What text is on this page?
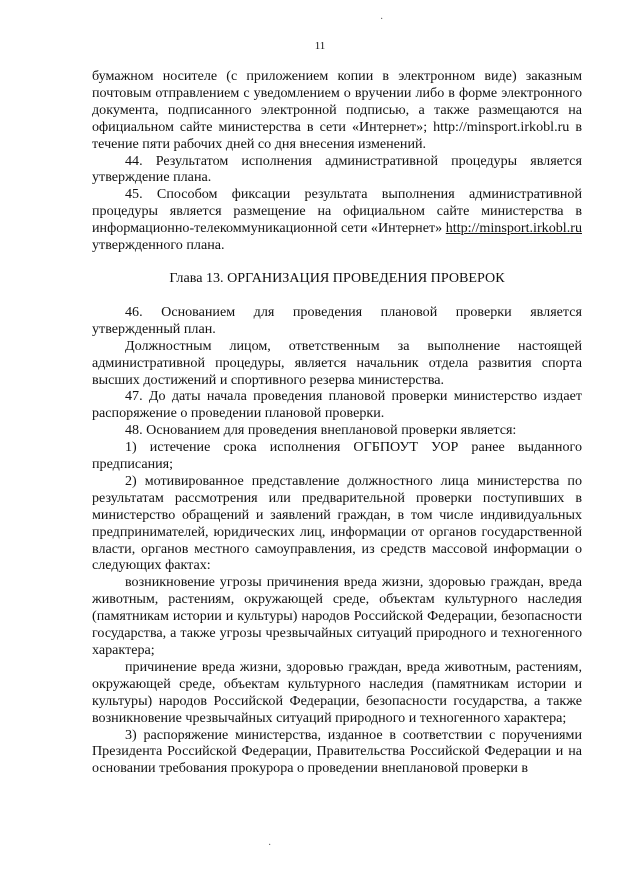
·
11

бумажном носителе (с приложением копии в электронном виде) заказным почтовым отправлением с уведомлением о вручении либо в форме электронного документа, подписанного электронной подписью, а также размещаются на официальном сайте министерства в сети «Интернет»; http://minsport.irkobl.ru в течение пяти рабочих дней со дня внесения изменений.

44. Результатом исполнения административной процедуры является утверждение плана.

45. Способом фиксации результата выполнения административной процедуры является размещение на официальном сайте министерства в информационно-телекоммуникационной сети «Интернет» http://minsport.irkobl.ru утвержденного плана.

Глава 13. ОРГАНИЗАЦИЯ ПРОВЕДЕНИЯ ПРОВЕРОК

46. Основанием для проведения плановой проверки является утвержденный план.

Должностным лицом, ответственным за выполнение настоящей административной процедуры, является начальник отдела развития спорта высших достижений и спортивного резерва министерства.

47. До даты начала проведения плановой проверки министерство издает распоряжение о проведении плановой проверки.

48. Основанием для проведения внеплановой проверки является:

1) истечение срока исполнения ОГБПОУТ УОР ранее выданного предписания;

2) мотивированное представление должностного лица министерства по результатам рассмотрения или предварительной проверки поступивших в министерство обращений и заявлений граждан, в том числе индивидуальных предпринимателей, юридических лиц, информации от органов государственной власти, органов местного самоуправления, из средств массовой информации о следующих фактах:

возникновение угрозы причинения вреда жизни, здоровью граждан, вреда животным, растениям, окружающей среде, объектам культурного наследия (памятникам истории и культуры) народов Российской Федерации, безопасности государства, а также угрозы чрезвычайных ситуаций природного и техногенного характера;

причинение вреда жизни, здоровью граждан, вреда животным, растениям, окружающей среде, объектам культурного наследия (памятникам истории и культуры) народов Российской Федерации, безопасности государства, а также возникновение чрезвычайных ситуаций природного и техногенного характера;

3) распоряжение министерства, изданное в соответствии с поручениями Президента Российской Федерации, Правительства Российской Федерации и на основании требования прокурора о проведении внеплановой проверки в

·
